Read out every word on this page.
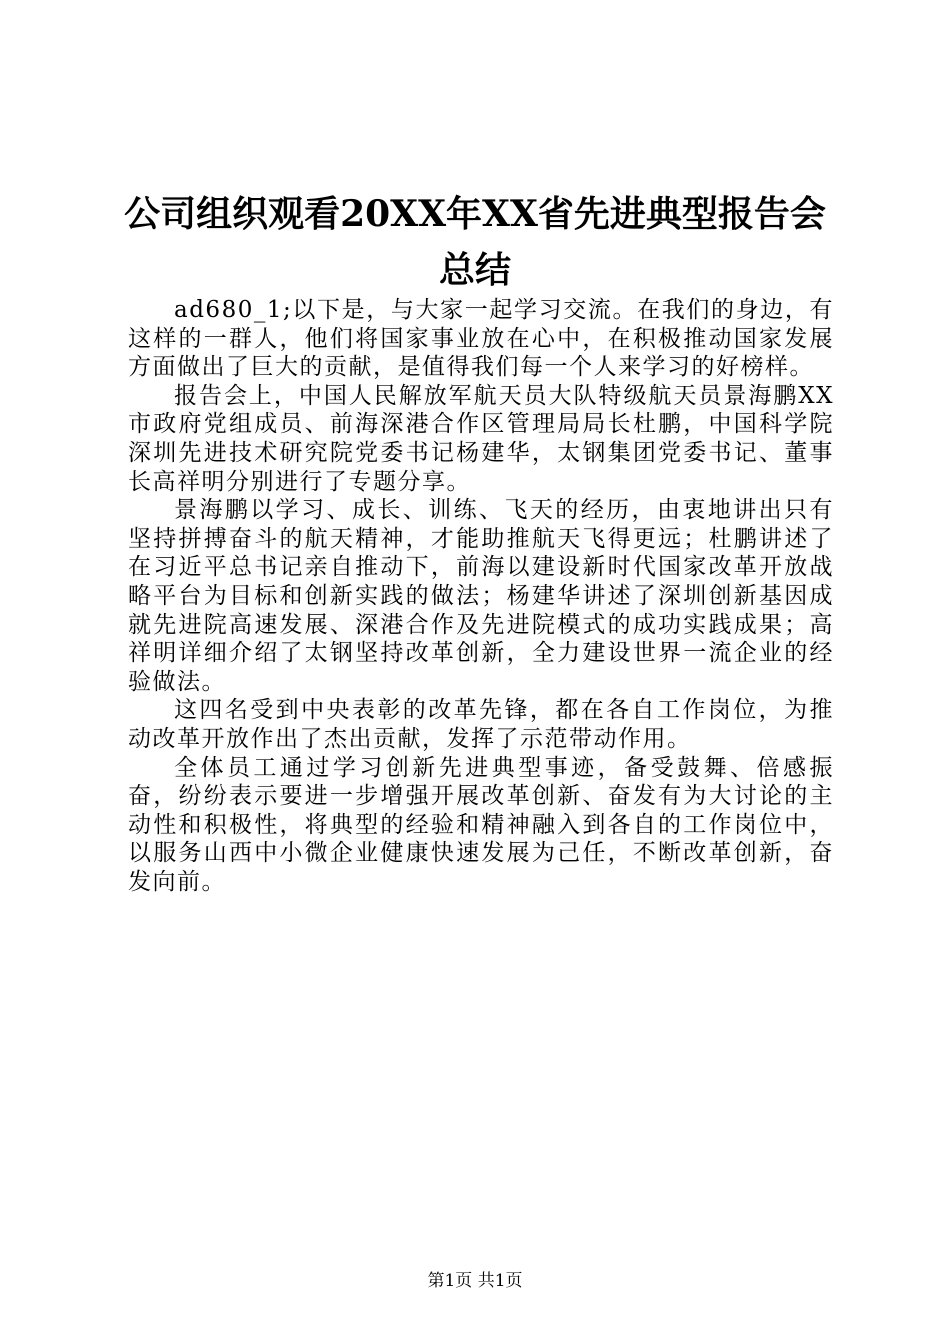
公司组织观看20XX年XX省先进典型报告会总结

ad680_1;以下是，与大家一起学习交流。在我们的身边，有这样的一群人，他们将国家事业放在心中，在积极推动国家发展方面做出了巨大的贡献，是值得我们每一个人来学习的好榜样。

报告会上，中国人民解放军航天员大队特级航天员景海鹏XX市政府党组成员、前海深港合作区管理局局长杜鹏，中国科学院深圳先进技术研究院党委书记杨建华，太钢集团党委书记、董事长高祥明分别进行了专题分享。

景海鹏以学习、成长、训练、飞天的经历，由衷地讲出只有坚持拼搏奋斗的航天精神，才能助推航天飞得更远；杜鹏讲述了在习近平总书记亲自推动下，前海以建设新时代国家改革开放战略平台为目标和创新实践的做法；杨建华讲述了深圳创新基因成就先进院高速发展、深港合作及先进院模式的成功实践成果；高祥明详细介绍了太钢坚持改革创新，全力建设世界一流企业的经验做法。

这四名受到中央表彰的改革先锋，都在各自工作岗位，为推动改革开放作出了杰出贡献，发挥了示范带动作用。

全体员工通过学习创新先进典型事迹，备受鼓舞、倍感振奋，纷纷表示要进一步增强开展改革创新、奋发有为大讨论的主动性和积极性，将典型的经验和精神融入到各自的工作岗位中，以服务山西中小微企业健康快速发展为己任，不断改革创新，奋发向前。

第1页 共1页
